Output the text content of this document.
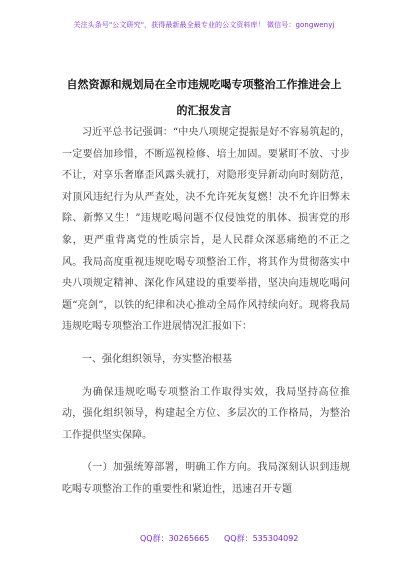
关注头条号"公文研究"，获得最新最全最专业的公文资料库！ 微信号：gongwenyj
自然资源和规划局在全市违规吃喝专项整治工作推进会上
的汇报发言

习近平总书记强调：“中央八项规定提振是好不容易筑起的，一定要倍加珍惜，不断巡视检修、培土加固。要紧盯不放、寸步不让，对享乐奢靡歪风露头就打，对隐形变异新动向时刻防范，对顶风违纪行为从严查处，决不允许死灰复燃！决不允许旧弊未除、新弊又生！”违规吃喝问题不仅侵蚀党的肌体、损害党的形象，更严重背离党的性质宗旨，是人民群众深恶痛绝的不正之风。我局高度重视违规吃喝专项整治工作，将其作为贯彻落实中央八项规定精神、深化作风建设的重要举措，坚决向违规吃喝问题“亮剑”，以铁的纪律和决心推动全局作风持续向好。现将我局违规吃喝专项整治工作进展情况汇报如下：

一、强化组织领导，夯实整治根基

为确保违规吃喝专项整治工作取得实效，我局坚持高位推动，强化组织领导，构建起全方位、多层次的工作格局，为整治工作提供坚实保障。

（一）加强统筹部署，明确工作方向。我局深刻认识到违规吃喝专项整治工作的重要性和紧迫性，迅速召开专题

QQ群：30265665 QQ群：535304092
